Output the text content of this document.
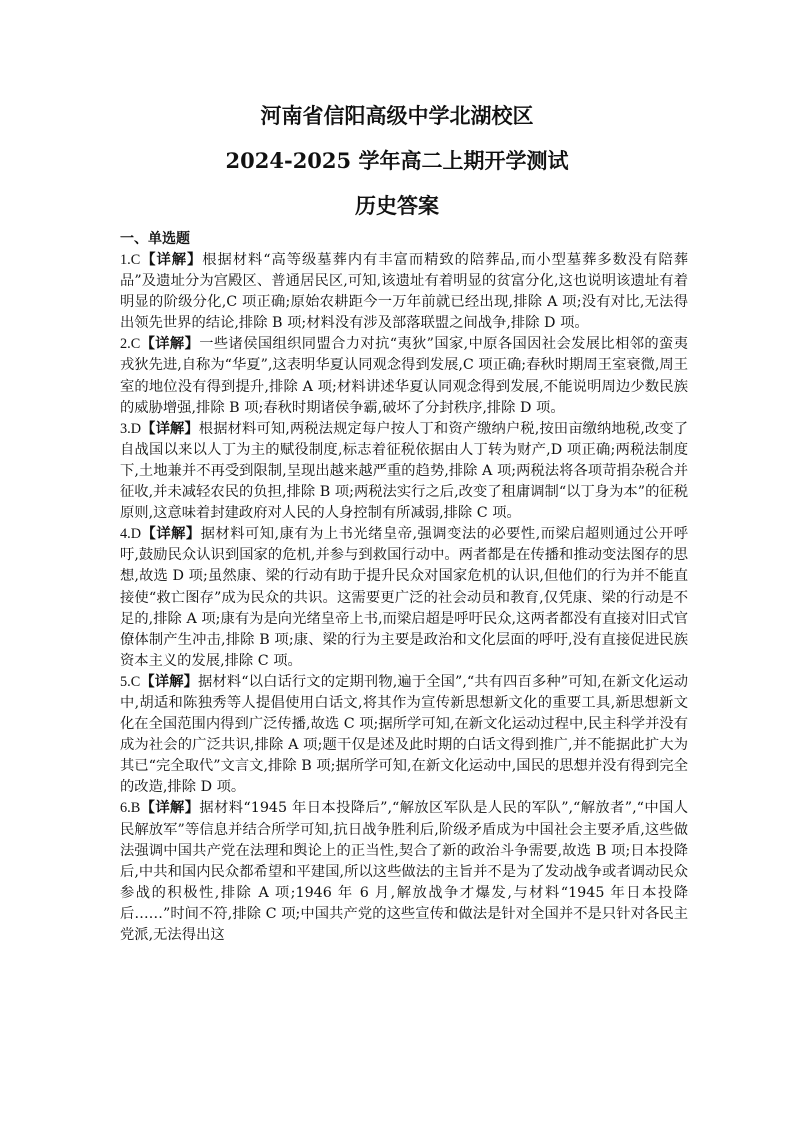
河南省信阳高级中学北湖校区
2024-2025 学年高二上期开学测试
历史答案
一、单选题

1.C【详解】根据材料“高等级墓葬内有丰富而精致的陪葬品,而小型墓葬多数没有陪葬品”及遗址分为宫殿区、普通居民区,可知,该遗址有着明显的贫富分化,这也说明该遗址有着明显的阶级分化,C 项正确;原始农耕距今一万年前就已经出现,排除 A 项;没有对比,无法得出领先世界的结论,排除 B 项;材料没有涉及部落联盟之间战争,排除 D 项。

2.C【详解】一些诸侯国组织同盟合力对抗“夷狄”国家,中原各国因社会发展比相邻的蛮夷戎狄先进,自称为“华夏”,这表明华夏认同观念得到发展,C 项正确;春秋时期周王室衰微,周王室的地位没有得到提升,排除 A 项;材料讲述华夏认同观念得到发展,不能说明周边少数民族的威胁增强,排除 B 项;春秋时期诸侯争霸,破坏了分封秩序,排除 D 项。

3.D【详解】根据材料可知,两税法规定每户按人丁和资产缴纳户税,按田亩缴纳地税,改变了自战国以来以人丁为主的赋役制度,标志着征税依据由人丁转为财产,D 项正确;两税法制度下,土地兼并不再受到限制,呈现出越来越严重的趋势,排除 A 项;两税法将各项苛捐杂税合并征收,并未减轻农民的负担,排除 B 项;两税法实行之后,改变了租庸调制“以丁身为本”的征税原则,这意味着封建政府对人民的人身控制有所减弱,排除 C 项。

4.D【详解】据材料可知,康有为上书光绪皇帝,强调变法的必要性,而梁启超则通过公开呼吁,鼓励民众认识到国家的危机,并参与到救国行动中。两者都是在传播和推动变法图存的思想,故选 D 项;虽然康、梁的行动有助于提升民众对国家危机的认识,但他们的行为并不能直接使“救亡图存”成为民众的共识。这需要更广泛的社会动员和教育,仅凭康、梁的行动是不足的,排除 A 项;康有为是向光绪皇帝上书,而梁启超是呼吁民众,这两者都没有直接对旧式官僚体制产生冲击,排除 B 项;康、梁的行为主要是政治和文化层面的呼吁,没有直接促进民族资本主义的发展,排除 C 项。

5.C【详解】据材料“以白话行文的定期刊物,遍于全国”,“共有四百多种”可知,在新文化运动中,胡适和陈独秀等人提倡使用白话文,将其作为宣传新思想新文化的重要工具,新思想新文化在全国范围内得到广泛传播,故选 C 项;据所学可知,在新文化运动过程中,民主科学并没有成为社会的广泛共识,排除 A 项;题干仅是述及此时期的白话文得到推广,并不能据此扩大为其已“完全取代”文言文,排除 B 项;据所学可知,在新文化运动中,国民的思想并没有得到完全的改造,排除 D 项。

6.B【详解】据材料“1945 年日本投降后”,“解放区军队是人民的军队”,“解放者”,“中国人民解放军”等信息并结合所学可知,抗日战争胜利后,阶级矛盾成为中国社会主要矛盾,这些做法强调中国共产党在法理和舆论上的正当性,契合了新的政治斗争需要,故选 B 项;日本投降后,中共和国内民众都希望和平建国,所以这些做法的主旨并不是为了发动战争或者调动民众参战的积极性,排除 A 项;1946 年 6 月,解放战争才爆发,与材料“1945 年日本投降后……”时间不符,排除 C 项;中国共产党的这些宣传和做法是针对全国并不是只针对各民主党派,无法得出这
